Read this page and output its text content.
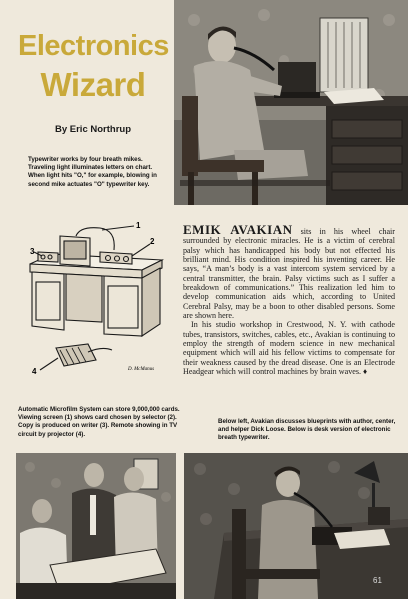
Electronics
Wizard
By Eric Northrup
Typewriter works by four breath mikes. Traveling light illuminates letters on chart. When light hits "O," for example, blowing in second mike actuates "O" typewriter key.
3
2
1
4	D. McManus

EMIK AVAKIAN sits in his wheel chair surrounded by electronic miracles. He is a victim of cerebral palsy which has handicapped his body but not effected his brilliant mind. His condition inspired his inventing career. He says, “A man’s body is a vast intercom system serviced by a central transmitter, the brain. Palsy victims such as I suffer a breakdown of communications.” This realization led him to develop communication aids which, according to United Cerebral Palsy, may be a boon to other disabled persons. Some are shown here.

In his studio workshop in Crestwood, N. Y. with cathode tubes, transistors, switches, cables, etc., Avakian is continuing to employ the strength of modern science in new mechanical equipment which will aid his fellow victims to compensate for their weakness caused by the dread disease. One is an Electrode Headgear which will control machines by brain waves. ♦

Automatic Microfilm System can store 9,000,000 cards. Viewing screen (1) shows card chosen by selector (2). Copy is produced on writer (3). Remote showing in TV circuit by projector (4).
Below left, Avakian discusses blueprints with author, center, and helper Dick Loose. Below is desk version of electronic breath typewriter.
61
